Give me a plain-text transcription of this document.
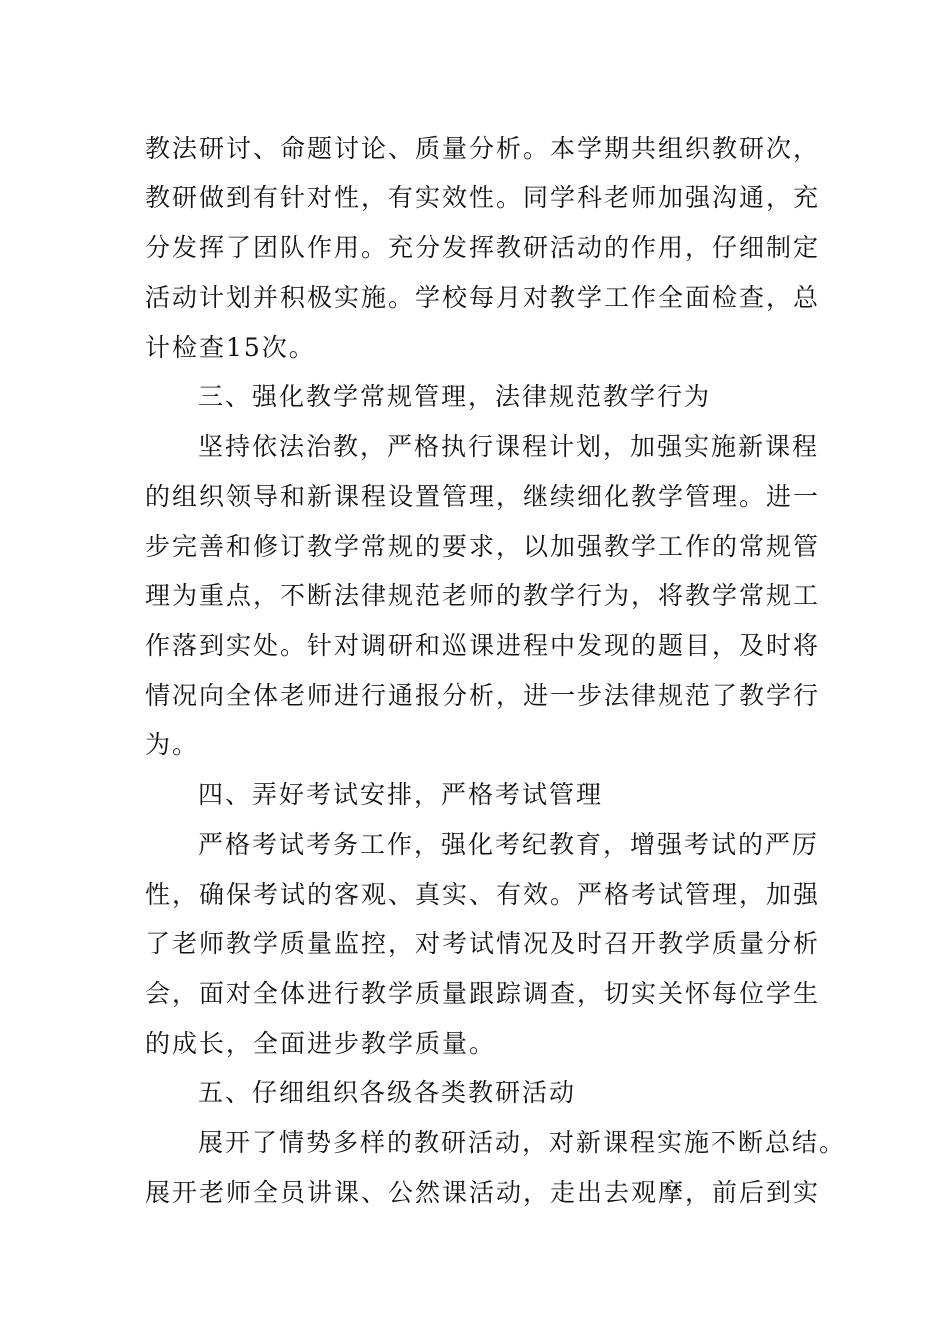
教法研讨、命题讨论、质量分析。本学期共组织教研次，
教研做到有针对性，有实效性。同学科老师加强沟通，充
分发挥了团队作用。充分发挥教研活动的作用，仔细制定
活动计划并积极实施。学校每月对教学工作全面检查，总
计检查15次。
三、强化教学常规管理，法律规范教学行为
坚持依法治教，严格执行课程计划，加强实施新课程
的组织领导和新课程设置管理，继续细化教学管理。进一
步完善和修订教学常规的要求，以加强教学工作的常规管
理为重点，不断法律规范老师的教学行为，将教学常规工
作落到实处。针对调研和巡课进程中发现的题目，及时将
情况向全体老师进行通报分析，进一步法律规范了教学行
为。
四、弄好考试安排，严格考试管理
严格考试考务工作，强化考纪教育，增强考试的严厉
性，确保考试的客观、真实、有效。严格考试管理，加强
了老师教学质量监控，对考试情况及时召开教学质量分析
会，面对全体进行教学质量跟踪调查，切实关怀每位学生
的成长，全面进步教学质量。
五、仔细组织各级各类教研活动
展开了情势多样的教研活动，对新课程实施不断总结。
展开老师全员讲课、公然课活动，走出去观摩，前后到实
